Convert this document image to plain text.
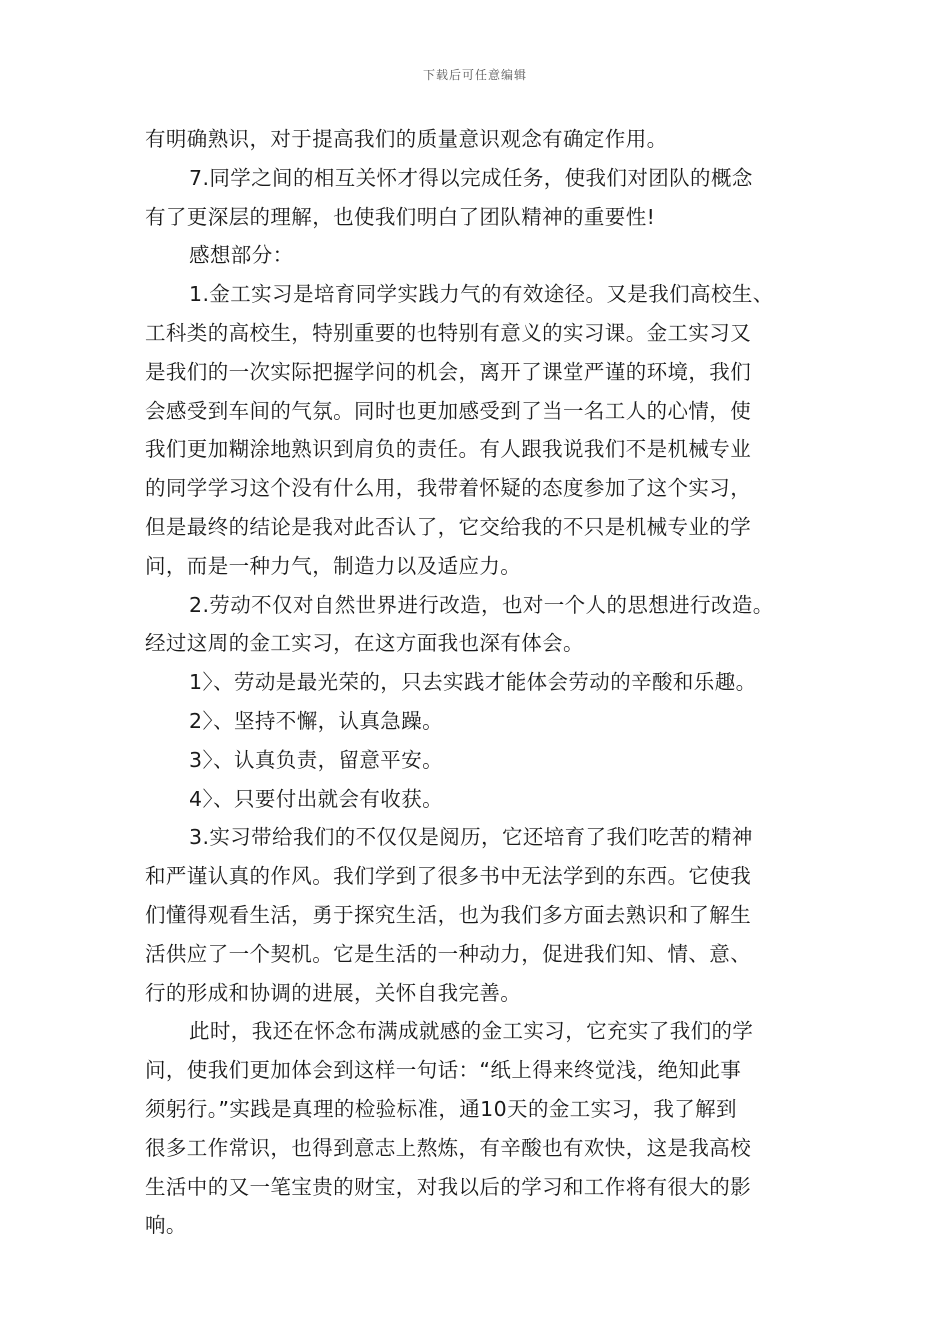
下载后可任意编辑
有明确熟识，对于提高我们的质量意识观念有确定作用。
7.同学之间的相互关怀才得以完成任务，使我们对团队的概念
有了更深层的理解，也使我们明白了团队精神的重要性!
感想部分：
1.金工实习是培育同学实践力气的有效途径。又是我们高校生、
工科类的高校生，特别重要的也特别有意义的实习课。金工实习又
是我们的一次实际把握学问的机会，离开了课堂严谨的环境，我们
会感受到车间的气氛。同时也更加感受到了当一名工人的心情，使
我们更加糊涂地熟识到肩负的责任。有人跟我说我们不是机械专业
的同学学习这个没有什么用，我带着怀疑的态度参加了这个实习，
但是最终的结论是我对此否认了，它交给我的不只是机械专业的学
问，而是一种力气，制造力以及适应力。
2.劳动不仅对自然世界进行改造，也对一个人的思想进行改造。
经过这周的金工实习，在这方面我也深有体会。
1〉、劳动是最光荣的，只去实践才能体会劳动的辛酸和乐趣。
2〉、坚持不懈，认真急躁。
3〉、认真负责，留意平安。
4〉、只要付出就会有收获。
3.实习带给我们的不仅仅是阅历，它还培育了我们吃苦的精神
和严谨认真的作风。我们学到了很多书中无法学到的东西。它使我
们懂得观看生活，勇于探究生活，也为我们多方面去熟识和了解生
活供应了一个契机。它是生活的一种动力，促进我们知、情、意、
行的形成和协调的进展，关怀自我完善。
此时，我还在怀念布满成就感的金工实习，它充实了我们的学
问，使我们更加体会到这样一句话：“纸上得来终觉浅，绝知此事
须躬行。”实践是真理的检验标准，通10天的金工实习，我了解到
很多工作常识，也得到意志上熬炼，有辛酸也有欢快，这是我高校
生活中的又一笔宝贵的财宝，对我以后的学习和工作将有很大的影
响。
